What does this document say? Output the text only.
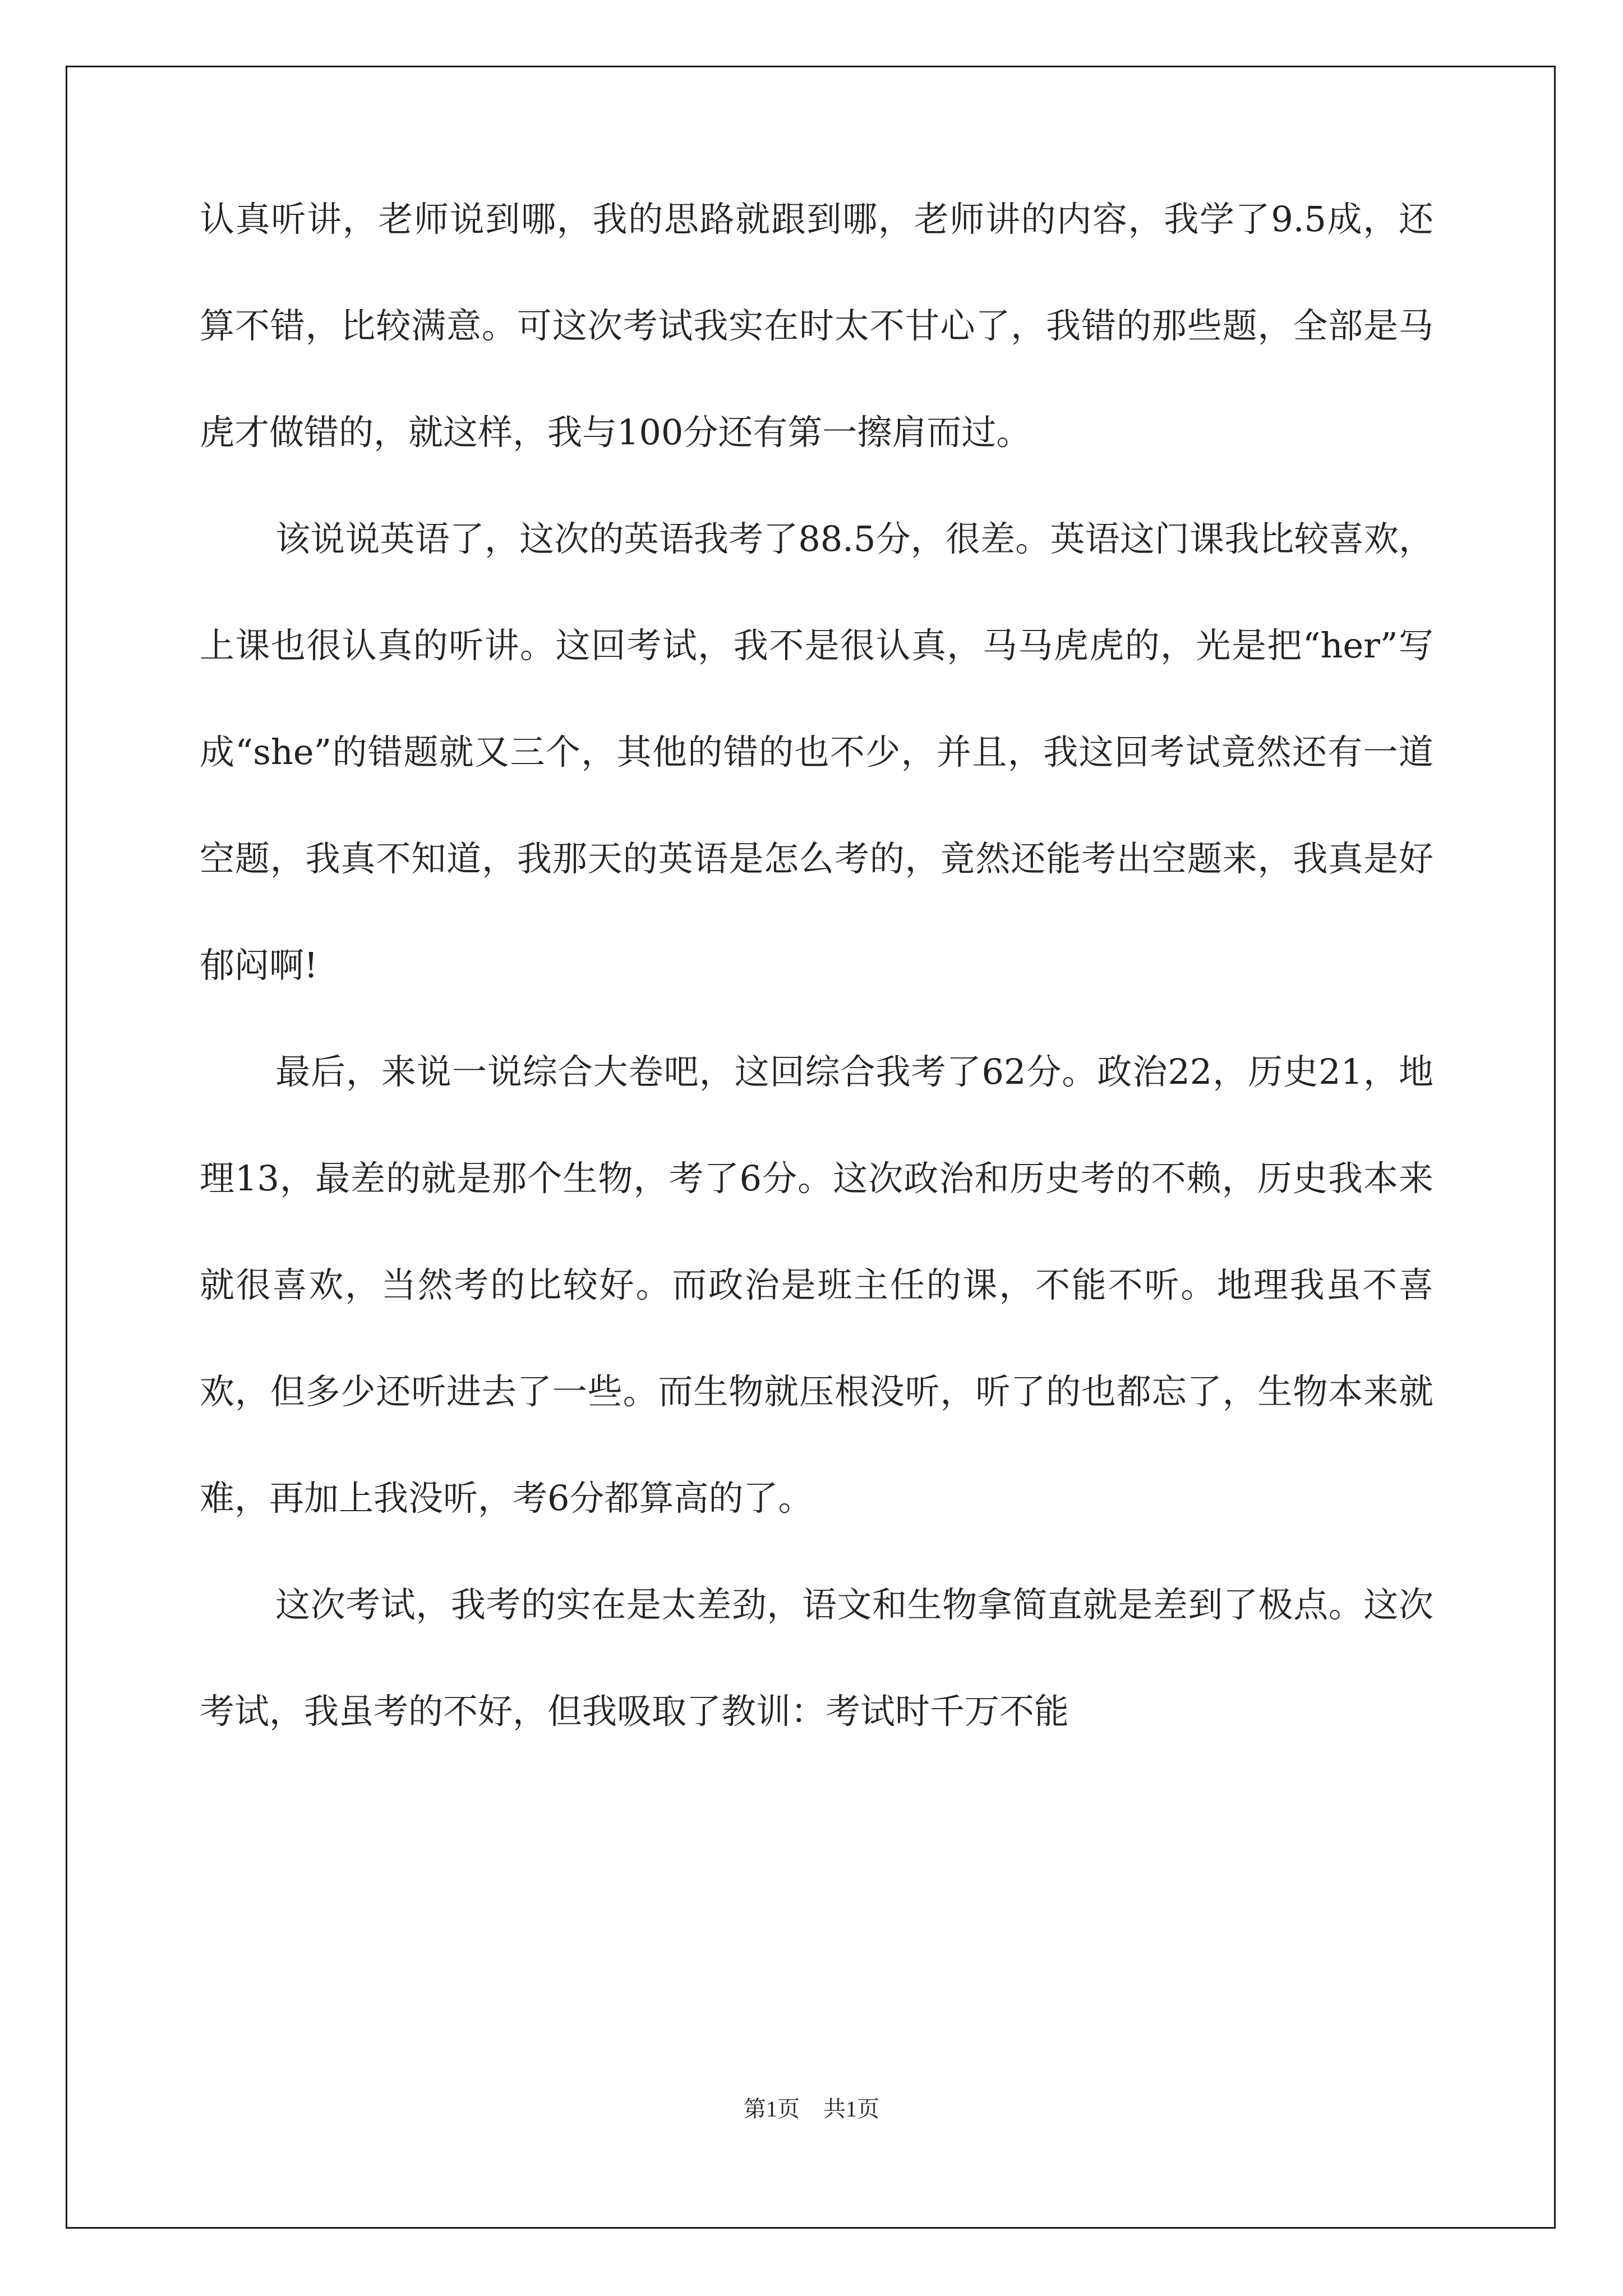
认真听讲，老师说到哪，我的思路就跟到哪，老师讲的内容，我学了9.5成，还算不错，比较满意。可这次考试我实在时太不甘心了，我错的那些题，全部是马虎才做错的，就这样，我与100分还有第一擦肩而过。

该说说英语了，这次的英语我考了88.5分，很差。英语这门课我比较喜欢，上课也很认真的听讲。这回考试，我不是很认真，马马虎虎的，光是把“her”写成“she”的错题就又三个，其他的错的也不少，并且，我这回考试竟然还有一道空题，我真不知道，我那天的英语是怎么考的，竟然还能考出空题来，我真是好郁闷啊!

最后，来说一说综合大卷吧，这回综合我考了62分。政治22，历史21，地理13，最差的就是那个生物，考了6分。这次政治和历史考的不赖，历史我本来就很喜欢，当然考的比较好。而政治是班主任的课，不能不听。地理我虽不喜欢，但多少还听进去了一些。而生物就压根没听，听了的也都忘了，生物本来就难，再加上我没听，考6分都算高的了。

这次考试，我考的实在是太差劲，语文和生物拿简直就是差到了极点。这次考试，我虽考的不好，但我吸取了教训：考试时千万不能

第1页 共1页
